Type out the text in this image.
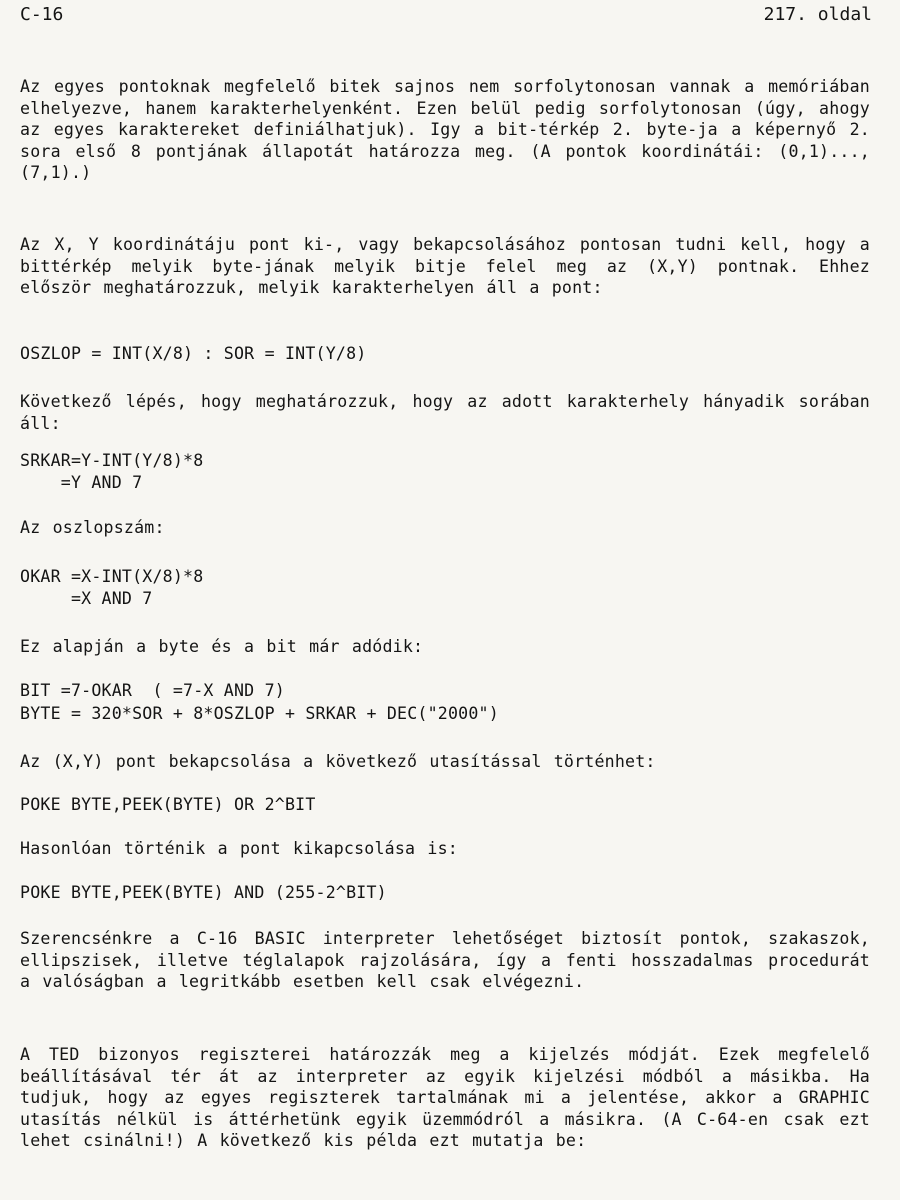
C-16	217. oldal

Az egyes pontoknak megfelelő bitek sajnos nem sorfolytonosan vannak a memóriában elhelyezve, hanem karakterhelyenként. Ezen belül pedig sorfolytonosan (úgy, ahogy az egyes karaktereket definiálhatjuk). Igy a bit-térkép 2. byte-ja a képernyő 2. sora első 8 pontjának állapotát határozza meg. (A pontok koordinátái: (0,1)...,(7,1).)

Az X, Y koordinátáju pont ki-, vagy bekapcsolásához pontosan tudni kell, hogy a bittérkép melyik byte-jának melyik bitje felel meg az (X,Y) pontnak. Ehhez először meghatározzuk, melyik karakterhelyen áll a pont:

OSZLOP = INT(X/8) : SOR = INT(Y/8)

Következő lépés, hogy meghatározzuk, hogy az adott karakterhely hányadik sorában áll:

SRKAR=Y-INT(Y/8)*8
=Y AND 7

Az oszlopszám:

OKAR =X-INT(X/8)*8
=X AND 7

Ez alapján a byte és a bit már adódik:

BIT =7-OKAR  ( =7-X AND 7)
BYTE = 320*SOR + 8*OSZLOP + SRKAR + DEC("2000")

Az (X,Y) pont bekapcsolása a következő utasítással történhet:

POKE BYTE,PEEK(BYTE) OR 2^BIT

Hasonlóan történik a pont kikapcsolása is:

POKE BYTE,PEEK(BYTE) AND (255-2^BIT)

Szerencsénkre a C-16 BASIC interpreter lehetőséget biztosít pontok, szakaszok, ellipszisek, illetve téglalapok rajzolására, így a fenti hosszadalmas procedurát a valóságban a legritkább esetben kell csak elvégezni.

A TED bizonyos regiszterei határozzák meg a kijelzés módját. Ezek megfelelő beállításával tér át az interpreter az egyik kijelzési módból a másikba. Ha tudjuk, hogy az egyes regiszterek tartalmának mi a jelentése, akkor a GRAPHIC utasítás nélkül is áttérhetünk egyik üzemmódról a másikra. (A C-64-en csak ezt lehet csinálni!) A következő kis példa ezt mutatja be:
